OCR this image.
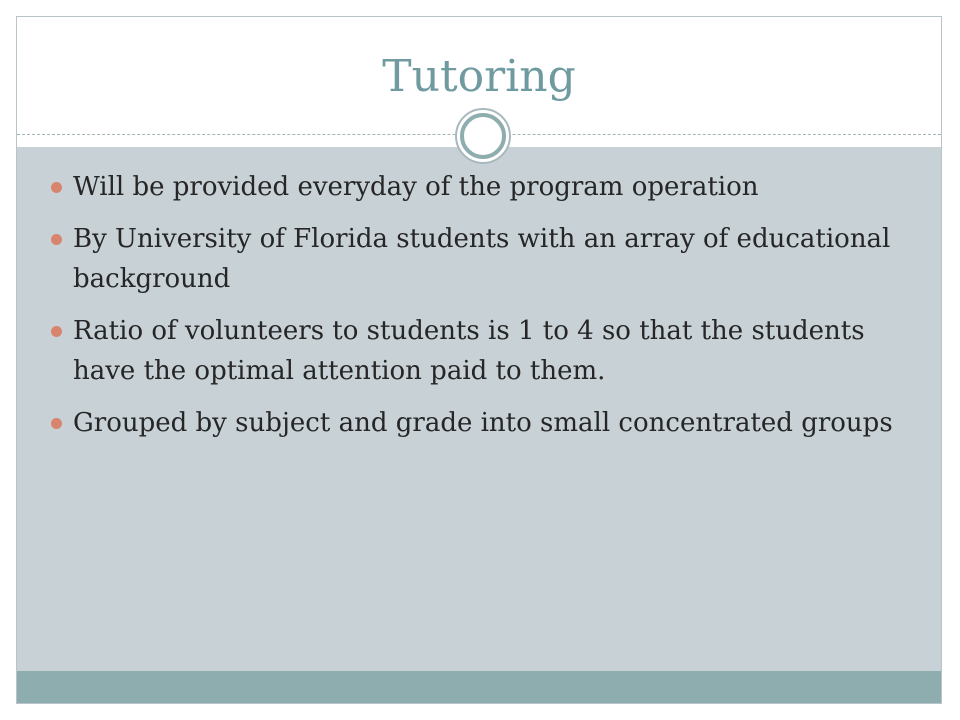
Tutoring
Will be provided everyday of the program operation
By University of Florida students with an array of educational background
Ratio of volunteers to students is 1 to 4 so that the students have the optimal attention paid to them.
Grouped by subject and grade into small concentrated groups
